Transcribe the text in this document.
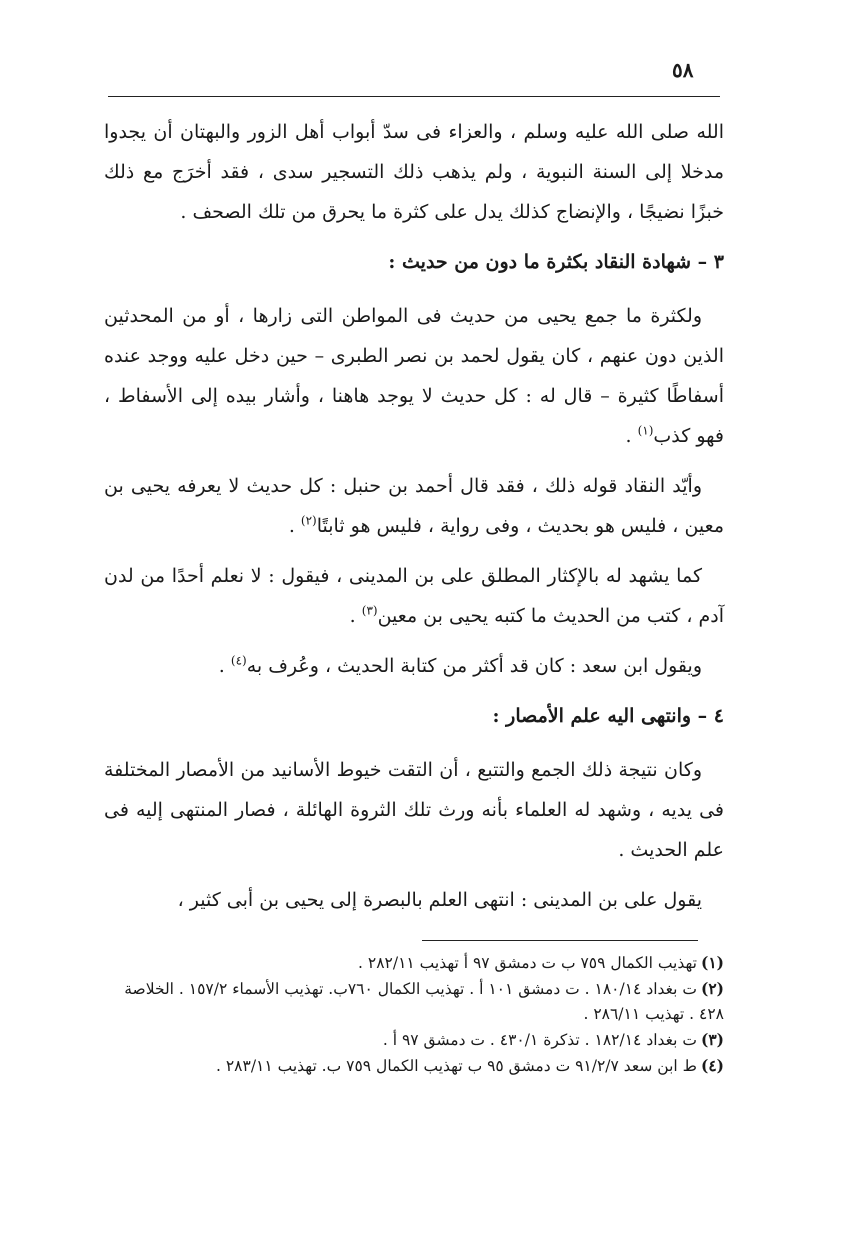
٥٨

الله صلى الله عليه وسلم ، والعزاء فى سدّ أبواب أهل الزور والبهتان أن يجدوا مدخلا إلى السنة النبوية ، ولم يذهب ذلك التسجير سدى ، فقد أخرَج مع ذلك خبزًا نضيجًا ، والإنضاج كذلك يدل على كثرة ما يحرق من تلك الصحف .

٣ – شهادة النقاد بكثرة ما دون من حديث :

ولكثرة ما جمع يحيى من حديث فى المواطن التى زارها ، أو من المحدثين الذين دون عنهم ، كان يقول لحمد بن نصر الطبرى – حين دخل عليه ووجد عنده أسفاطًا كثيرة – قال له : كل حديث لا يوجد هاهنا ، وأشار بيده إلى الأسفاط ، فهو كذب$^{(١)}$ .

وأيّد النقاد قوله ذلك ، فقد قال أحمد بن حنبل : كل حديث لا يعرفه يحيى بن معين ، فليس هو بحديث ، وفى رواية ، فليس هو ثابتًا$^{(٢)}$ .

كما يشهد له بالإكثار المطلق على بن المدينى ، فيقول : لا نعلم أحدًا من لدن آدم ، كتب من الحديث ما كتبه يحيى بن معين$^{(٣)}$ .

ويقول ابن سعد : كان قد أكثر من كتابة الحديث ، وعُرف به$^{(٤)}$ .

٤ – وانتهى اليه علم الأمصار :

وكان نتيجة ذلك الجمع والتتبع ، أن التقت خيوط الأسانيد من الأمصار المختلفة فى يديه ، وشهد له العلماء بأنه ورث تلك الثروة الهائلة ، فصار المنتهى إليه فى علم الحديث .

يقول على بن المدينى : انتهى العلم بالبصرة إلى يحيى بن أبى كثير ،

(١)تهذيب الكمال ٧٥٩ ب ت دمشق ٩٧ أ تهذيب ٢٨٢/١١ .

(٢)ت بغداد ١٨٠/١٤ . ت دمشق ١٠١ أ . تهذيب الكمال ٧٦٠ب. تهذيب الأسماء ١٥٧/٢ . الخلاصة ٤٢٨ . تهذيب ٢٨٦/١١ .

(٣)ت بغداد ١٨٢/١٤ . تذكرة ٤٣٠/١ . ت دمشق ٩٧ أ .

(٤)ط ابن سعد ٩١/٢/٧ ت دمشق ٩٥ ب تهذيب الكمال ٧٥٩ ب. تهذيب ٢٨٣/١١ .
